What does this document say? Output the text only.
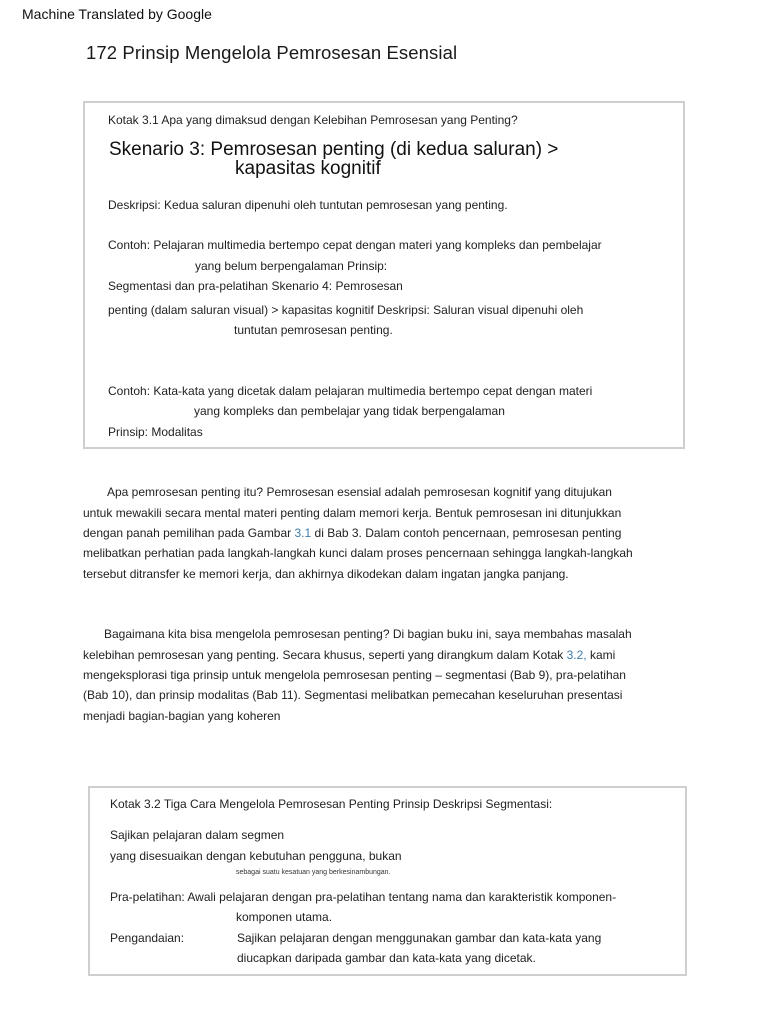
Machine Translated by Google
172 Prinsip Mengelola Pemrosesan Esensial
Kotak 3.1 Apa yang dimaksud dengan Kelebihan Pemrosesan yang Penting?
Skenario 3: Pemrosesan penting (di kedua saluran) >
kapasitas kognitif
Deskripsi: Kedua saluran dipenuhi oleh tuntutan pemrosesan yang penting.
Contoh: Pelajaran multimedia bertempo cepat dengan materi yang kompleks dan pembelajar
yang belum berpengalaman Prinsip:
Segmentasi dan pra-pelatihan Skenario 4: Pemrosesan
penting (dalam saluran visual) > kapasitas kognitif Deskripsi: Saluran visual dipenuhi oleh
tuntutan pemrosesan penting.
Contoh: Kata-kata yang dicetak dalam pelajaran multimedia bertempo cepat dengan materi
yang kompleks dan pembelajar yang tidak berpengalaman
Prinsip: Modalitas
Apa pemrosesan penting itu? Pemrosesan esensial adalah pemrosesan kognitif yang ditujukan
untuk mewakili secara mental materi penting dalam memori kerja. Bentuk pemrosesan ini ditunjukkan
dengan panah pemilihan pada Gambar 3.1 di Bab 3. Dalam contoh pencernaan, pemrosesan penting
melibatkan perhatian pada langkah-langkah kunci dalam proses pencernaan sehingga langkah-langkah
tersebut ditransfer ke memori kerja, dan akhirnya dikodekan dalam ingatan jangka panjang.
Bagaimana kita bisa mengelola pemrosesan penting? Di bagian buku ini, saya membahas masalah
kelebihan pemrosesan yang penting. Secara khusus, seperti yang dirangkum dalam Kotak 3.2, kami
mengeksplorasi tiga prinsip untuk mengelola pemrosesan penting – segmentasi (Bab 9), pra-pelatihan
(Bab 10), dan prinsip modalitas (Bab 11). Segmentasi melibatkan pemecahan keseluruhan presentasi
menjadi bagian-bagian yang koheren
Kotak 3.2 Tiga Cara Mengelola Pemrosesan Penting Prinsip Deskripsi Segmentasi:
Sajikan pelajaran dalam segmen
yang disesuaikan dengan kebutuhan pengguna, bukan
sebagai suatu kesatuan yang berkesinambungan.
Pra-pelatihan: Awali pelajaran dengan pra-pelatihan tentang nama dan karakteristik komponen-
komponen utama.
Pengandaian:	Sajikan pelajaran dengan menggunakan gambar dan kata-kata yang
diucapkan daripada gambar dan kata-kata yang dicetak.
